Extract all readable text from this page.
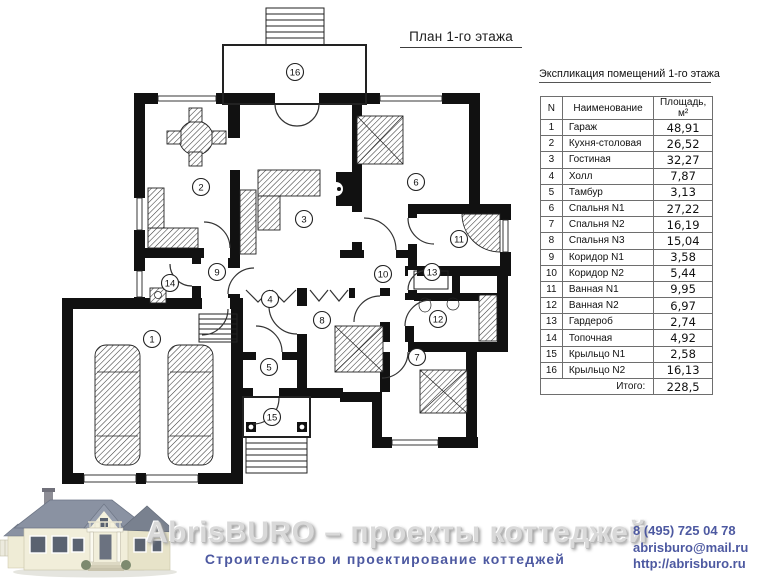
1
2
3
4
5
6
7
8
9	10
11
12
13
14
15
16
План 1-го этажа
Экспликация помещений 1-го этажа
N	Наименование	Площадь, м²
1	Гараж	48,91
2	Кухня-столовая	26,52
3	Гостиная	32,27
4	Холл	7,87
5	Тамбур	3,13
6	Спальня N1	27,22
7	Спальня N2	16,19
8	Спальня N3	15,04
9	Коридор N1	3,58
10	Коридор N2	5,44
11	Ванная N1	9,95
12	Ванная N2	6,97
13	Гардероб	2,74
14	Топочная	4,92
15	Крыльцо N1	2,58
16	Крыльцо N2	16,13
Итого:		228,5
AbrisBURO – проекты коттеджей
Строительство и проектирование коттеджей
8 (495) 725 04 78
abrisburo@mail.ru
http://abrisburo.ru
